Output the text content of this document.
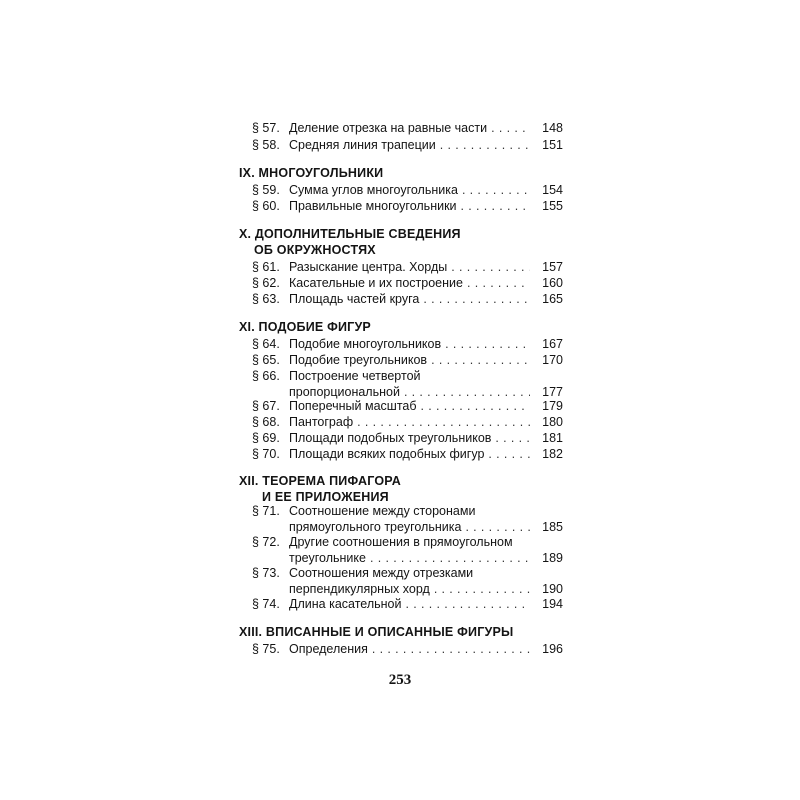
§ 57. Деление отрезка на равные части . . .	148
§ 58. Средняя линия трапеции . . .	151
IX. МНОГОУГОЛЬНИКИ
§ 59. Сумма углов многоугольника . . .	154
§ 60. Правильные многоугольники . . .	155
X. ДОПОЛНИТЕЛЬНЫЕ СВЕДЕНИЯ
ОБ ОКРУЖНОСТЯХ
§ 61. Разыскание центра. Хорды . . .	157
§ 62. Касательные и их построение . . .	160
§ 63. Площадь частей круга . . .	165
XI. ПОДОБИЕ ФИГУР
§ 64. Подобие многоугольников . . .	167
§ 65. Подобие треугольников . . .	170
§ 66. Построение четвертой
пропорциональной . . .	177
§ 67. Поперечный масштаб . . .	179
§ 68. Пантограф . . .	180
§ 69. Площади подобных треугольников . . .	181
§ 70. Площади всяких подобных фигур . . .	182
XII. ТЕОРЕМА ПИФАГОРА
И ЕЕ ПРИЛОЖЕНИЯ
§ 71. Соотношение между сторонами
прямоугольного треугольника . . .	185
§ 72. Другие соотношения в прямоугольном
треугольнике . . .	189
§ 73. Соотношения между отрезками
перпендикулярных хорд . . .	190
§ 74. Длина касательной . . .	194
XIII. ВПИСАННЫЕ И ОПИСАННЫЕ ФИГУРЫ
§ 75. Определения . . .	196
253
